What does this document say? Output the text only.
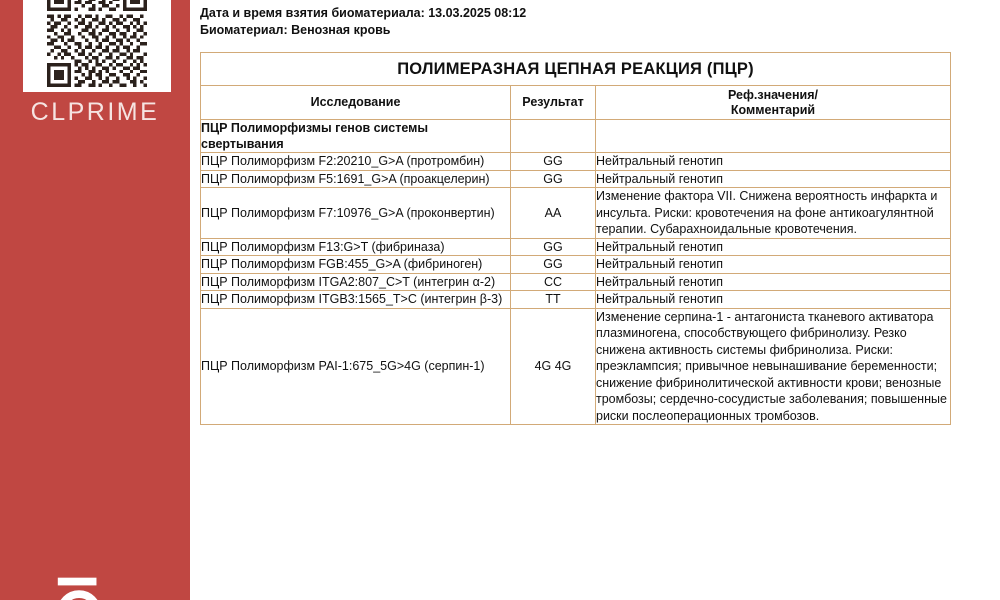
CLPRIME
Дата и время взятия биоматериала: 13.03.2025 08:12
Биоматериал: Венозная кровь
ПОЛИМЕРАЗНАЯ ЦЕПНАЯ РЕАКЦИЯ (ПЦР)		
Исследование	Результат	Реф.значения/
Комментарий
ПЦР Полиморфизмы генов системы свертывания		
ПЦР Полиморфизм F2:20210_G>A (протромбин)	GG	Нейтральный генотип
ПЦР Полиморфизм F5:1691_G>A (проакцелерин)	GG	Нейтральный генотип
ПЦР Полиморфизм F7:10976_G>A (проконвертин)	AA	Изменение фактора VII. Снижена вероятность инфаркта и инсульта. Риски: кровотечения на фоне антикоагулянтной терапии. Субарахноидальные кровотечения.
ПЦР Полиморфизм F13:G>T (фибриназа)	GG	Нейтральный генотип
ПЦР Полиморфизм FGB:455_G>A (фибриноген)	GG	Нейтральный генотип
ПЦР Полиморфизм ITGA2:807_C>T (интегрин α-2)	CC	Нейтральный генотип
ПЦР Полиморфизм ITGB3:1565_T>C (интегрин β-3)	TT	Нейтральный генотип
ПЦР Полиморфизм PAI-1:675_5G>4G (серпин-1)	4G 4G	Изменение серпина-1 - антагониста тканевого активатора плазминогена, способствующего фибринолизу. Резко снижена активность системы фибринолиза. Риски: преэклампсия; привычное невынашивание беременности; снижение фибринолитической активности крови; венозные тромбозы; сердечно-сосудистые заболевания; повышенные риски послеоперационных тромбозов.
